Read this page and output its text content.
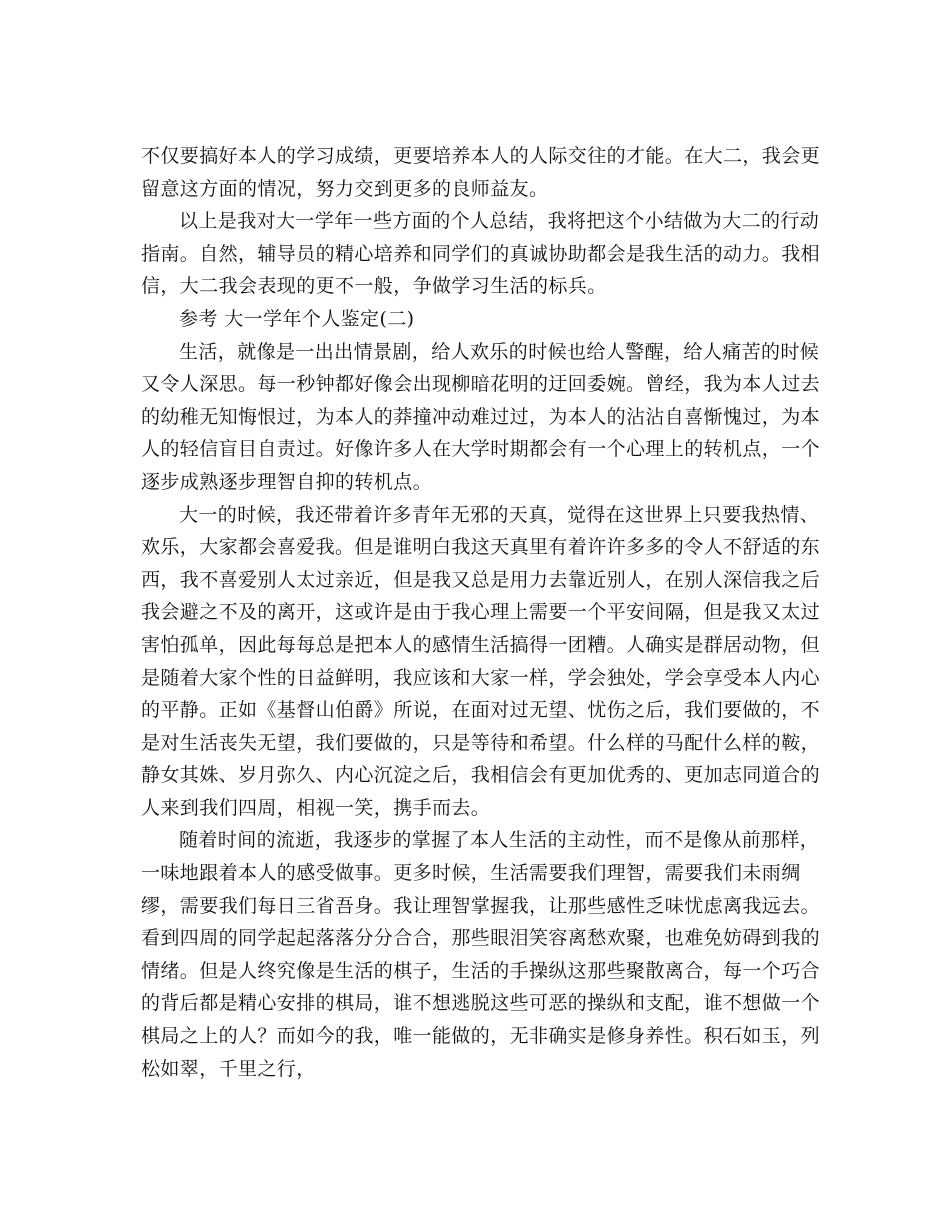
不仅要搞好本人的学习成绩，更要培养本人的人际交往的才能。在大二，我会更留意这方面的情况，努力交到更多的良师益友。

以上是我对大一学年一些方面的个人总结，我将把这个小结做为大二的行动指南。自然，辅导员的精心培养和同学们的真诚协助都会是我生活的动力。我相信，大二我会表现的更不一般，争做学习生活的标兵。

参考 大一学年个人鉴定(二)

生活，就像是一出出情景剧，给人欢乐的时候也给人警醒，给人痛苦的时候又令人深思。每一秒钟都好像会出现柳暗花明的迂回委婉。曾经，我为本人过去的幼稚无知悔恨过，为本人的莽撞冲动难过过，为本人的沾沾自喜惭愧过，为本人的轻信盲目自责过。好像许多人在大学时期都会有一个心理上的转机点，一个逐步成熟逐步理智自抑的转机点。

大一的时候，我还带着许多青年无邪的天真，觉得在这世界上只要我热情、欢乐，大家都会喜爱我。但是谁明白我这天真里有着许许多多的令人不舒适的东西，我不喜爱别人太过亲近，但是我又总是用力去靠近别人，在别人深信我之后我会避之不及的离开，这或许是由于我心理上需要一个平安间隔，但是我又太过害怕孤单，因此每每总是把本人的感情生活搞得一团糟。人确实是群居动物，但是随着大家个性的日益鲜明，我应该和大家一样，学会独处，学会享受本人内心的平静。正如《基督山伯爵》所说，在面对过无望、忧伤之后，我们要做的，不是对生活丧失无望，我们要做的，只是等待和希望。什么样的马配什么样的鞍，静女其姝、岁月弥久、内心沉淀之后，我相信会有更加优秀的、更加志同道合的人来到我们四周，相视一笑，携手而去。

随着时间的流逝，我逐步的掌握了本人生活的主动性，而不是像从前那样，一味地跟着本人的感受做事。更多时候，生活需要我们理智，需要我们未雨绸缪，需要我们每日三省吾身。我让理智掌握我，让那些感性乏味忧虑离我远去。看到四周的同学起起落落分分合合，那些眼泪笑容离愁欢聚，也难免妨碍到我的情绪。但是人终究像是生活的棋子，生活的手操纵这那些聚散离合，每一个巧合的背后都是精心安排的棋局，谁不想逃脱这些可恶的操纵和支配，谁不想做一个棋局之上的人？而如今的我，唯一能做的，无非确实是修身养性。积石如玉，列松如翠，千里之行，
